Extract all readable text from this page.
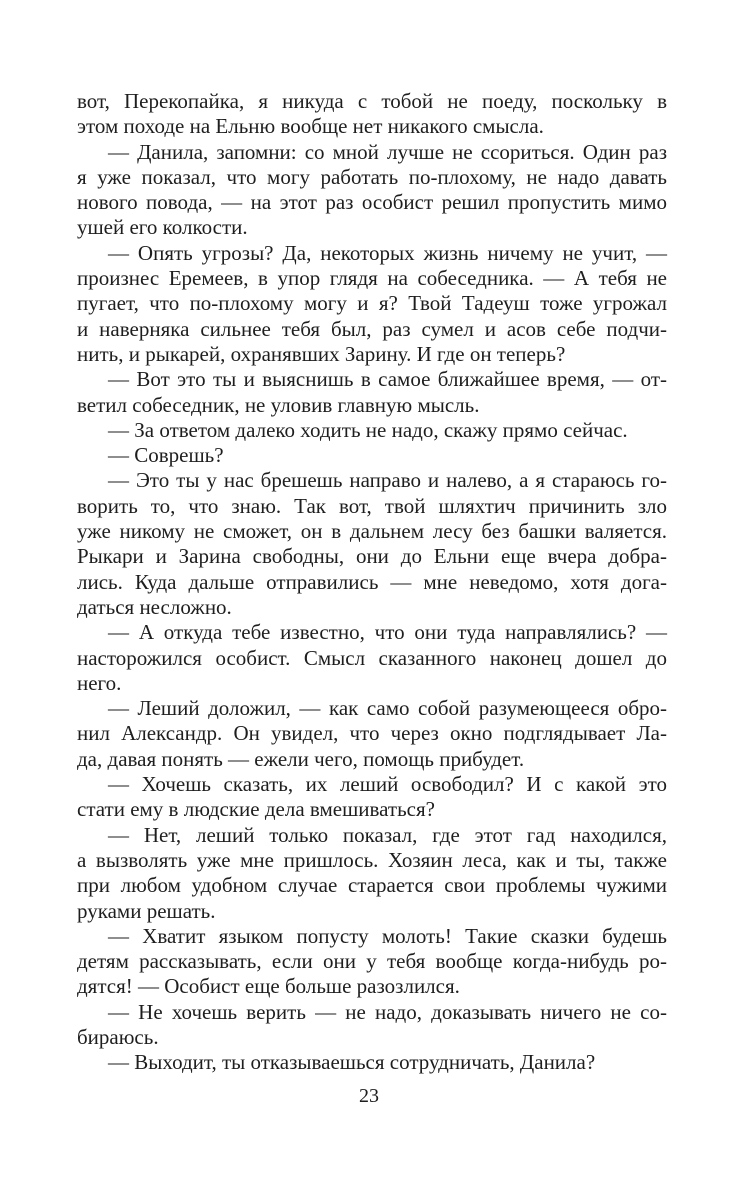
вот, Перекопайка, я никуда с тобой не поеду, поскольку в
этом походе на Ельню вообще нет никакого смысла.
— Данила, запомни: со мной лучше не ссориться. Один раз
я уже показал, что могу работать по-плохому, не надо давать
нового повода, — на этот раз особист решил пропустить мимо
ушей его колкости.
— Опять угрозы? Да, некоторых жизнь ничему не учит, —
произнес Еремеев, в упор глядя на собеседника. — А тебя не
пугает, что по-плохому могу и я? Твой Тадеуш тоже угрожал
и наверняка сильнее тебя был, раз сумел и асов себе подчи-
нить, и рыкарей, охранявших Зарину. И где он теперь?
— Вот это ты и выяснишь в самое ближайшее время, — от-
ветил собеседник, не уловив главную мысль.
— За ответом далеко ходить не надо, скажу прямо сейчас.
— Соврешь?
— Это ты у нас брешешь направо и налево, а я стараюсь го-
ворить то, что знаю. Так вот, твой шляхтич причинить зло
уже никому не сможет, он в дальнем лесу без башки валяется.
Рыкари и Зарина свободны, они до Ельни еще вчера добра-
лись. Куда дальше отправились — мне неведомо, хотя дога-
даться несложно.
— А откуда тебе известно, что они туда направлялись? —
насторожился особист. Смысл сказанного наконец дошел до
него.
— Леший доложил, — как само собой разумеющееся обро-
нил Александр. Он увидел, что через окно подглядывает Ла-
да, давая понять — ежели чего, помощь прибудет.
— Хочешь сказать, их леший освободил? И с какой это
стати ему в людские дела вмешиваться?
— Нет, леший только показал, где этот гад находился,
а вызволять уже мне пришлось. Хозяин леса, как и ты, также
при любом удобном случае старается свои проблемы чужими
руками решать.
— Хватит языком попусту молоть! Такие сказки будешь
детям рассказывать, если они у тебя вообще когда-нибудь ро-
дятся! — Особист еще больше разозлился.
— Не хочешь верить — не надо, доказывать ничего не со-
бираюсь.
— Выходит, ты отказываешься сотрудничать, Данила?
23
